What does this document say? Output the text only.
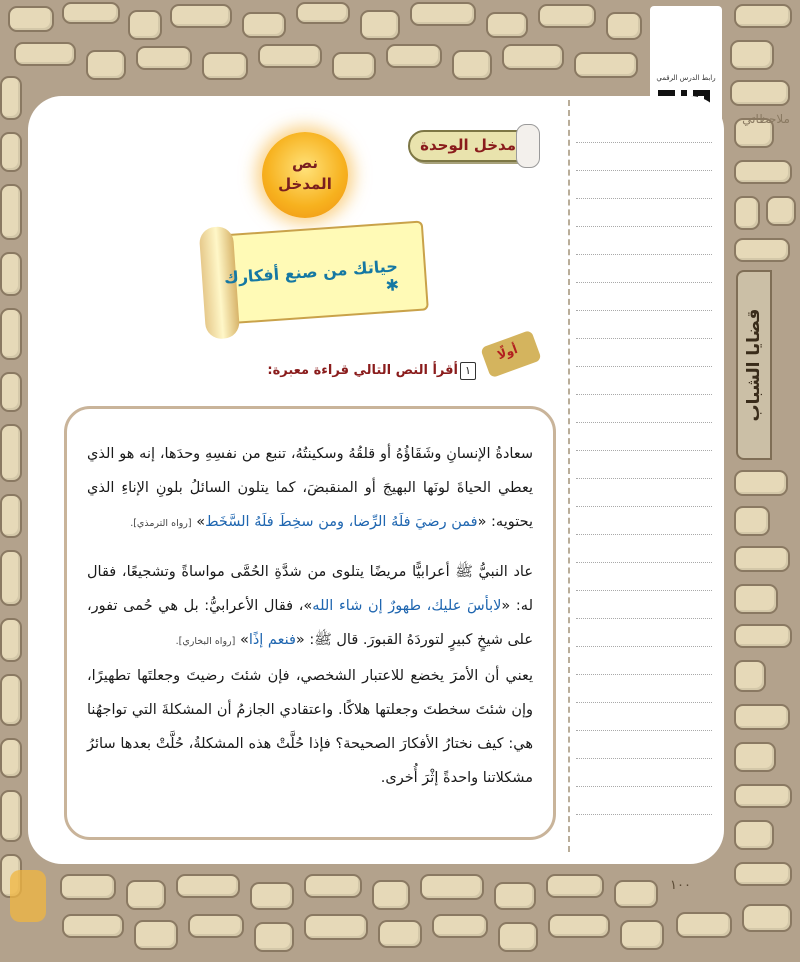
رابط الدرس الرقمي
ملاحظاتي
قضايا الشباب
مدخل الوحدة
نص
المدخل
حياتك من صنع أفكارك ✱
أولًا
١
أقرأ النص التالي قراءة معبرة:

سعادةُ الإنسانِ وشَقَاؤُهُ أو قلقُهُ وسكينتُهُ، تنبع من نفسِهِ وحدَها، إنه هو الذي يعطي الحياةَ لونَها البهيجَ أو المنقبضَ، كما يتلون السائلُ بلونِ الإناءِ الذي يحتويه: «فمن رضيَ فلَهُ الرِّضا، ومن سخِطَ فلَهُ السَّخَط» [رواه الترمذي].

عاد النبيُّ ﷺ أعرابيًّا مريضًا يتلوى من شدَّةِ الحُمَّى مواساةً وتشجيعًا، فقال له: «لابأسَ عليك، طهورٌ إن شاء الله»، فقال الأعرابيُّ: بل هي حُمى تفور، على شيخٍ كبيرٍ لتوردَهُ القبورَ. قال ﷺ: «فنعم إذًا» [رواه البخاري].

يعني أن الأمرَ يخضع للاعتبار الشخصي، فإن شئتَ رضيتَ وجعلتَها تطهيرًا، وإن شئتَ سخطتَ وجعلتها هلاكًا. واعتقادي الجازمُ أن المشكلةَ التي تواجهُنا هي: كيف نختارُ الأفكارَ الصحيحة؟ فإذا حُلَّتْ هذه المشكلةُ، حُلَّتْ بعدها سائرُ مشكلاتنا واحدةً إثْرَ أُخرى.

١٠٠
